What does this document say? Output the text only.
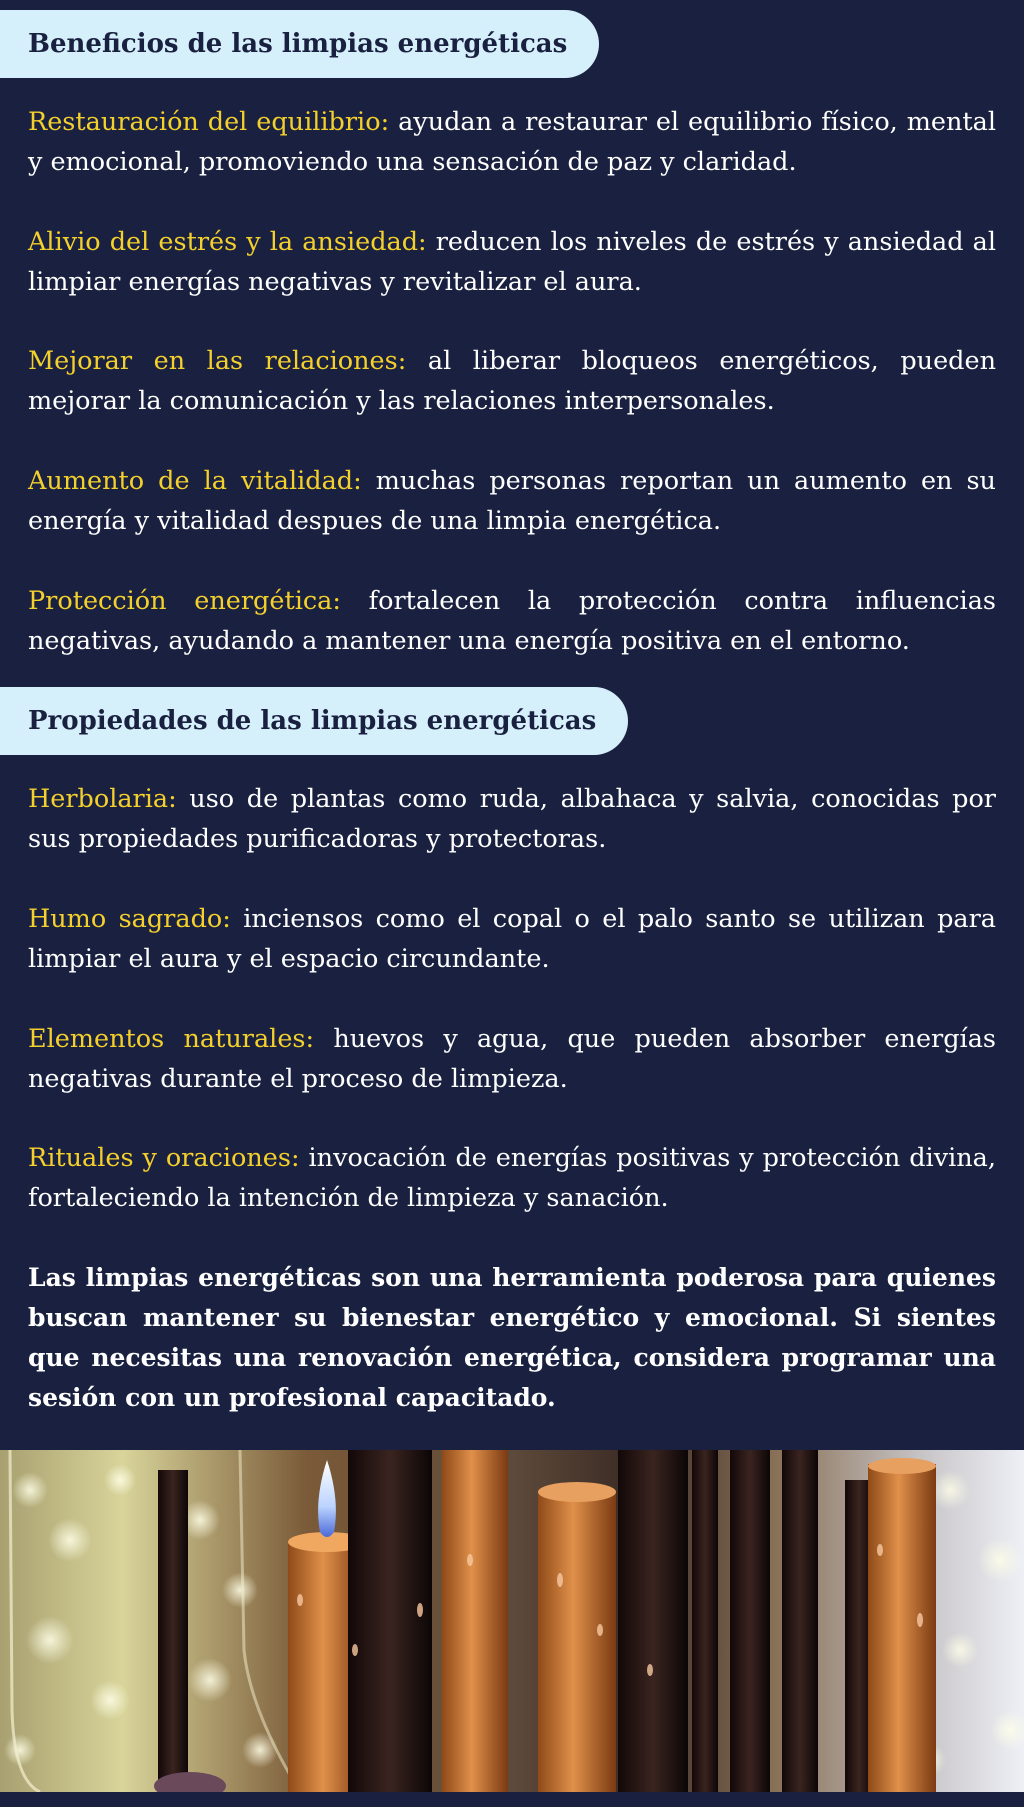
Beneficios de las limpias energéticas

Restauración del equilibrio: ayudan a restaurar el equilibrio físico, mental y emocional, promoviendo una sensación de paz y claridad.

Alivio del estrés y la ansiedad: reducen los niveles de estrés y ansiedad al limpiar energías negativas y revitalizar el aura.

Mejorar en las relaciones: al liberar bloqueos energéticos, pueden mejorar la comunicación y las relaciones interpersonales.

Aumento de la vitalidad: muchas personas reportan un aumento en su energía y vitalidad despues de una limpia energética.

Protección energética: fortalecen la protección contra influencias negativas, ayudando a mantener una energía positiva en el entorno.

Propiedades de las limpias energéticas

Herbolaria: uso de plantas como ruda, albahaca y salvia, conocidas por sus propiedades purificadoras y protectoras.

Humo sagrado: inciensos como el copal o el palo santo se utilizan para limpiar el aura y el espacio circundante.

Elementos naturales: huevos y agua, que pueden absorber energías negativas durante el proceso de limpieza.

Rituales y oraciones: invocación de energías positivas y protección divina, fortaleciendo la intención de limpieza y sanación.

Las limpias energéticas son una herramienta poderosa para quienes buscan mantener su bienestar energético y emocional. Si sientes que necesitas una renovación energética, considera programar una sesión con un profesional capacitado.
